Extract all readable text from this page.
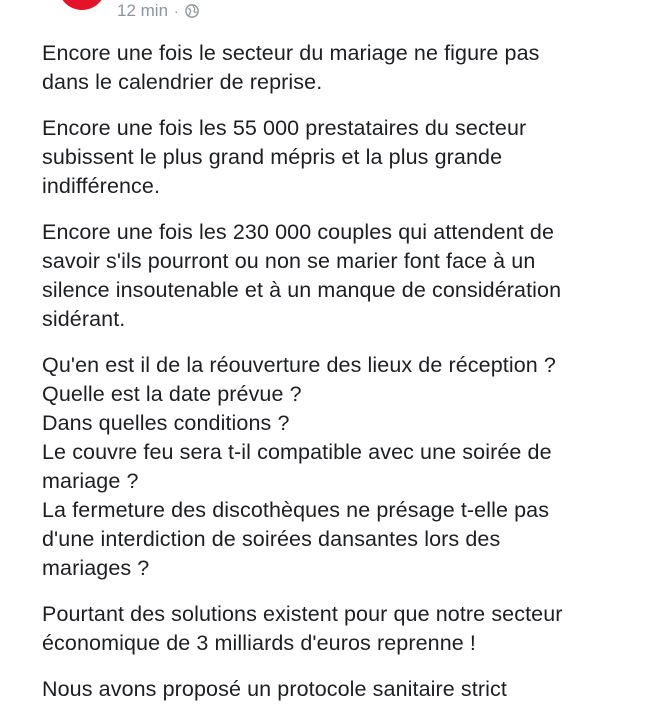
12 min ·
Encore une fois le secteur du mariage ne figure pas
dans le calendrier de reprise.
Encore une fois les 55 000 prestataires du secteur
subissent le plus grand mépris et la plus grande
indifférence.
Encore une fois les 230 000 couples qui attendent de
savoir s'ils pourront ou non se marier font face à un
silence insoutenable et à un manque de considération
sidérant.
Qu'en est il de la réouverture des lieux de réception ?
Quelle est la date prévue ?
Dans quelles conditions ?
Le couvre feu sera t-il compatible avec une soirée de
mariage ?
La fermeture des discothèques ne présage t-elle pas
d'une interdiction de soirées dansantes lors des
mariages ?
Pourtant des solutions existent pour que notre secteur
économique de 3 milliards d'euros reprenne !
Nous avons proposé un protocole sanitaire strict
